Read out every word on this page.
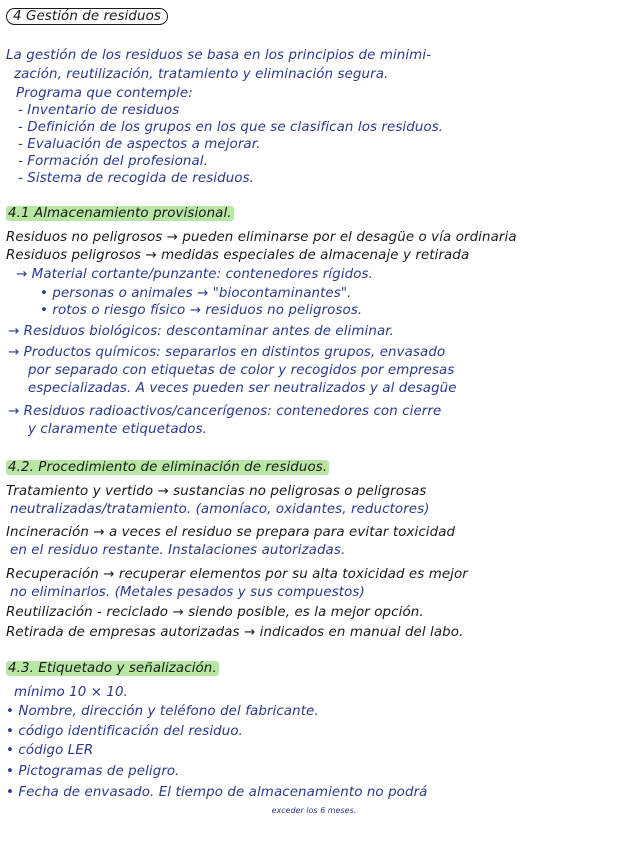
4 Gestión de residuos
La gestión de los residuos se basa en los principios de minimi-
zación, reutilización, tratamiento y eliminación segura.
Programa que contemple:
- Inventario de residuos
- Definición de los grupos en los que se clasifican los residuos.
- Evaluación de aspectos a mejorar.
- Formación del profesional.
- Sistema de recogida de residuos.
4.1 Almacenamiento provisional.
Residuos no peligrosos → pueden eliminarse por el desagüe o vía ordinaria
Residuos peligrosos → medidas especiales de almacenaje y retirada
→ Material cortante/punzante: contenedores rígidos.
• personas o animales → "biocontaminantes".
• rotos o riesgo físico → residuos no peligrosos.
→ Residuos biológicos: descontaminar antes de eliminar.
→ Productos químicos: separarlos en distintos grupos, envasado
por separado con etiquetas de color y recogidos por empresas
especializadas. A veces pueden ser neutralizados y al desagüe
→ Residuos radioactivos/cancerígenos: contenedores con cierre
y claramente etiquetados.
4.2. Procedimiento de eliminación de residuos.
Tratamiento y vertido → sustancias no peligrosas o peligrosas
neutralizadas/tratamiento. (amoníaco, oxidantes, reductores)
Incineración → a veces el residuo se prepara para evitar toxicidad
en el residuo restante. Instalaciones autorizadas.
Recuperación → recuperar elementos por su alta toxicidad es mejor
no eliminarlos. (Metales pesados y sus compuestos)
Reutilización - reciclado → siendo posible, es la mejor opción.
Retirada de empresas autorizadas → indicados en manual del labo.
4.3. Etiquetado y señalización.
mínimo 10 × 10.
• Nombre, dirección y teléfono del fabricante.
• código identificación del residuo.
• código LER
• Pictogramas de peligro.
• Fecha de envasado. El tiempo de almacenamiento no podrá
exceder los 6 meses.
